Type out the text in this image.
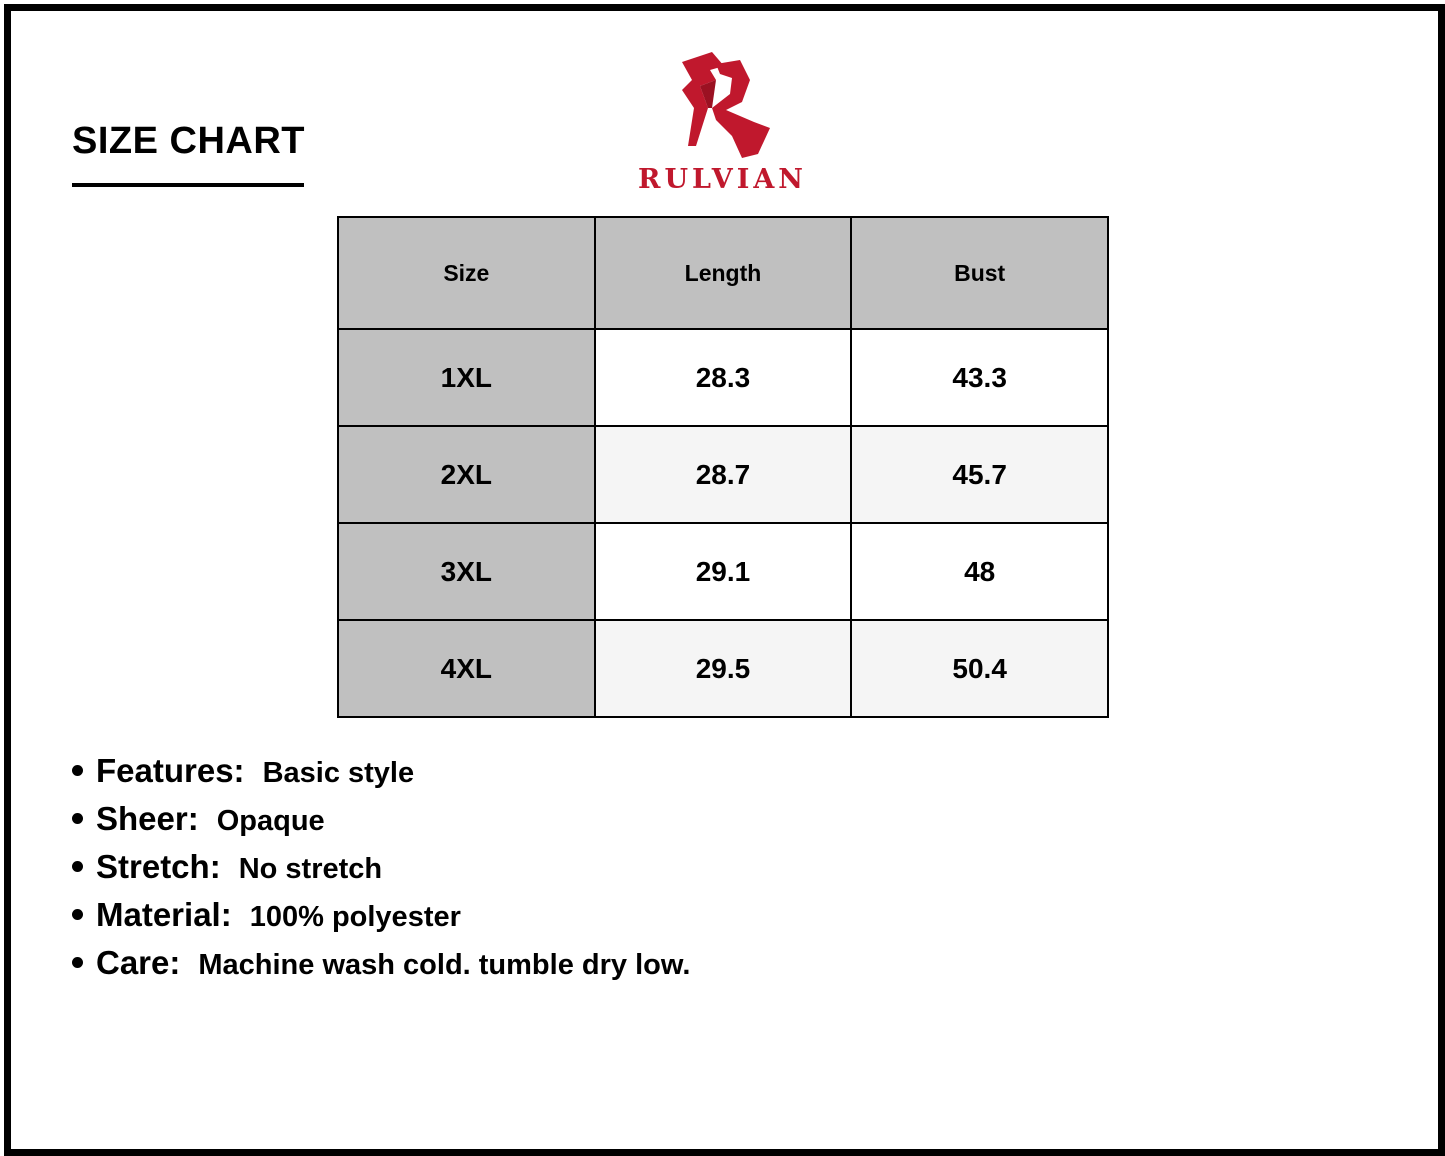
SIZE CHART
RULVIAN
Size	Length	Bust
1XL	28.3	43.3
2XL	28.7	45.7
3XL	29.1	48
4XL	29.5	50.4
Features: Basic style
Sheer: Opaque
Stretch: No stretch
Material: 100% polyester
Care: Machine wash cold. tumble dry low.
